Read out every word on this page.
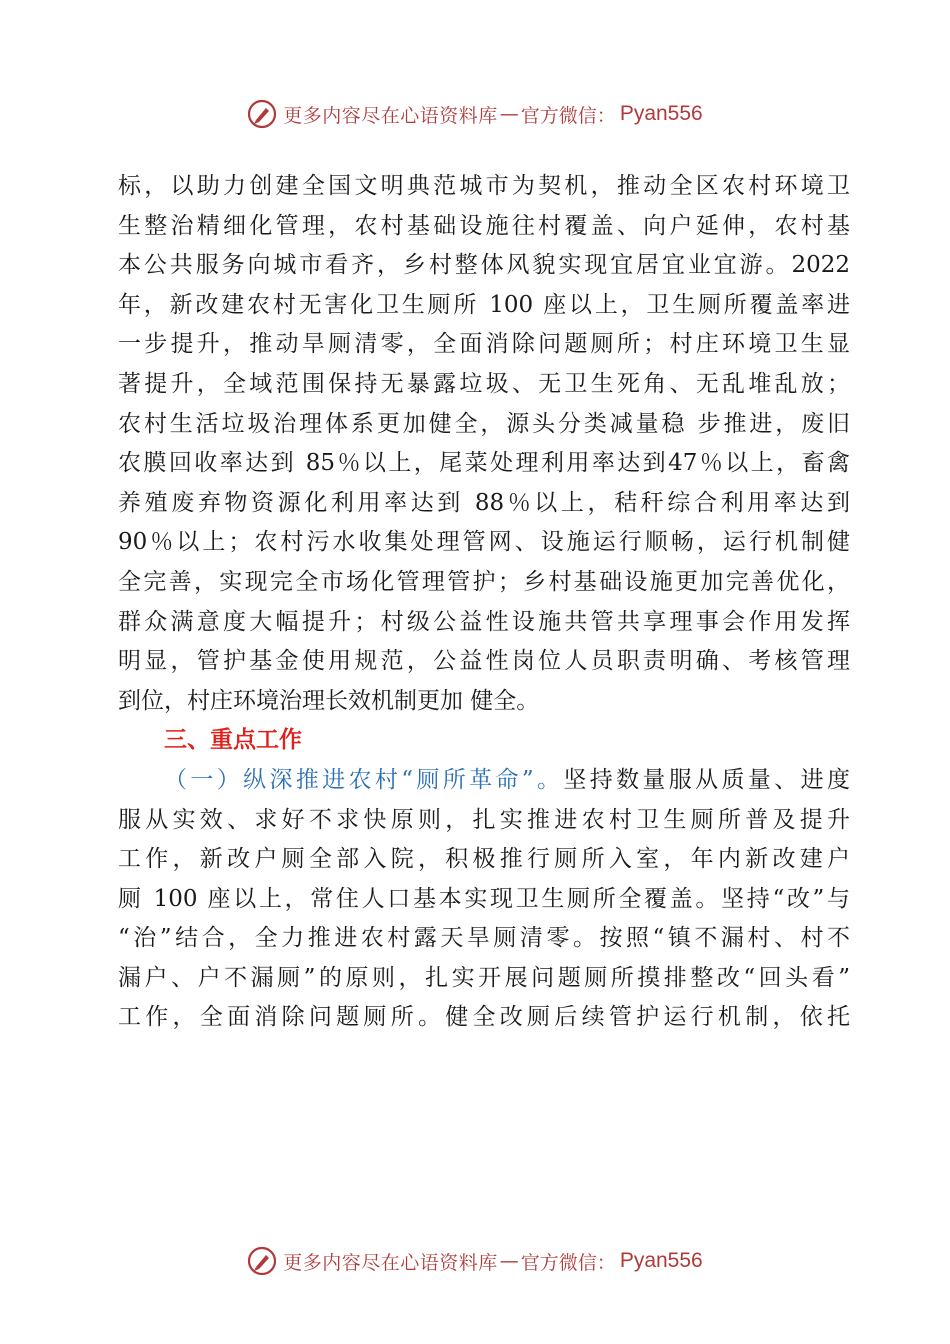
更多内容尽在心语资料库 — 官方微信： Pyan556
标，以助力创建全国文明典范城市为契机，推动全区农村环境卫
生整治精细化管理，农村基础设施往村覆盖、向户延伸，农村基
本公共服务向城市看齐，乡村整体风貌实现宜居宜业宜游。2022
年，新改建农村无害化卫生厕所 100 座以上，卫生厕所覆盖率进
一步提升，推动旱厕清零，全面消除问题厕所；村庄环境卫生显
著提升，全域范围保持无暴露垃圾、无卫生死角、无乱堆乱放；
农村生活垃圾治理体系更加健全，源头分类减量稳 步推进，废旧
农膜回收率达到 85％以上，尾菜处理利用率达到47％以上，畜禽
养殖废弃物资源化利用率达到 88％以上，秸秆综合利用率达到
90％以上；农村污水收集处理管网、设施运行顺畅，运行机制健
全完善，实现完全市场化管理管护；乡村基础设施更加完善优化，
群众满意度大幅提升；村级公益性设施共管共享理事会作用发挥
明显，管护基金使用规范，公益性岗位人员职责明确、考核管理
到位，村庄环境治理长效机制更加 健全。
三、重点工作
（一）纵深推进农村“厕所革命”。坚持数量服从质量、进度
服从实效、求好不求快原则，扎实推进农村卫生厕所普及提升
工作，新改户厕全部入院，积极推行厕所入室，年内新改建户
厕 100 座以上，常住人口基本实现卫生厕所全覆盖。坚持“改”与
“治”结合，全力推进农村露天旱厕清零。按照“镇不漏村、村不
漏户、户不漏厕”的原则，扎实开展问题厕所摸排整改“回头看”
工作，全面消除问题厕所。健全改厕后续管护运行机制，依托
更多内容尽在心语资料库 — 官方微信： Pyan556
